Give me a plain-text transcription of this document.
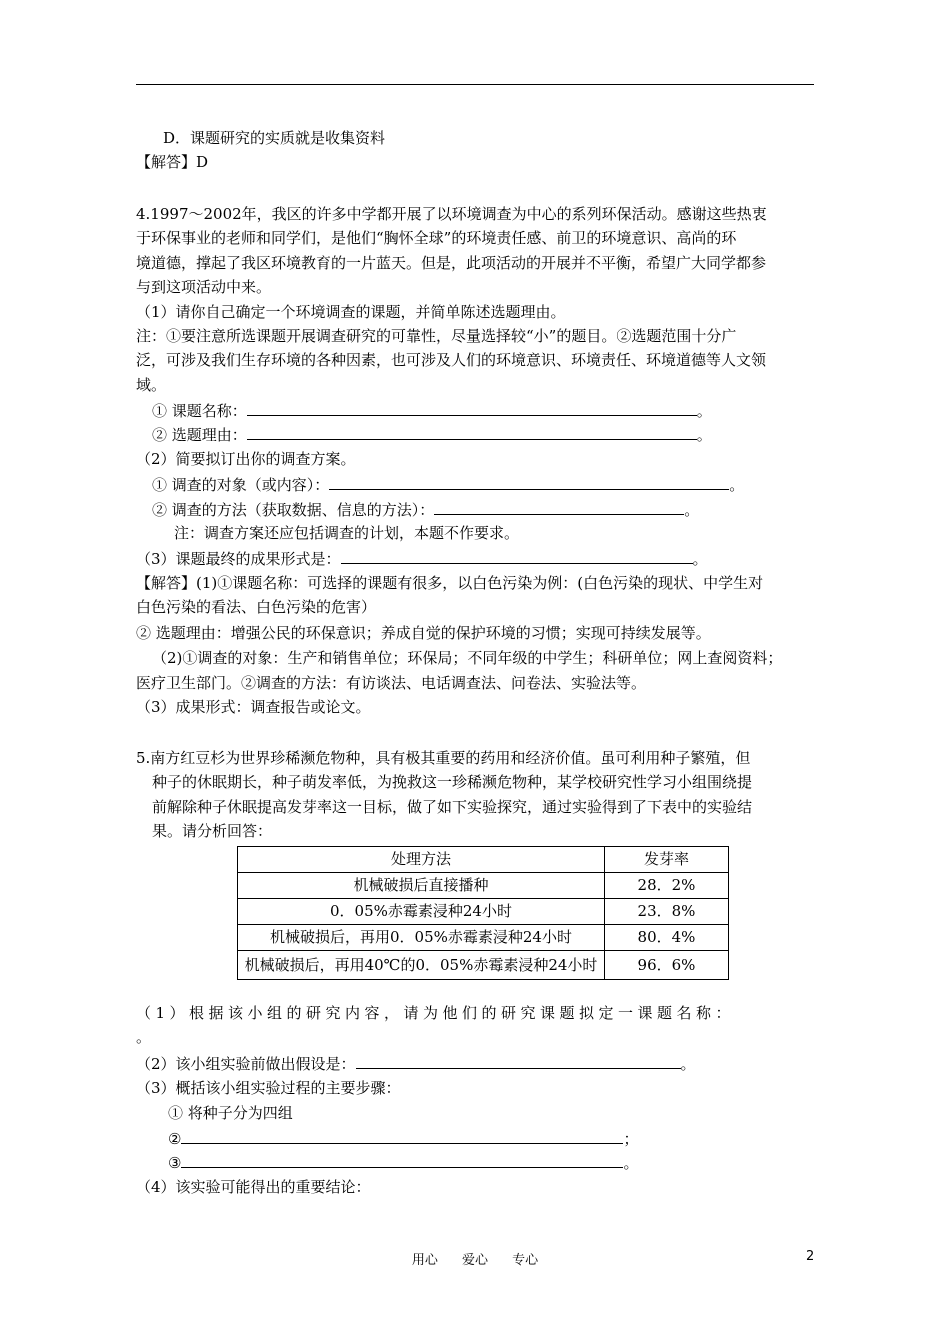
D．课题研究的实质就是收集资料
【解答】D
4.1997～2002年，我区的许多中学都开展了以环境调查为中心的系列环保活动。感谢这些热衷
于环保事业的老师和同学们，是他们“胸怀全球”的环境责任感、前卫的环境意识、高尚的环
境道德，撑起了我区环境教育的一片蓝天。但是，此项活动的开展并不平衡，希望广大同学都参
与到这项活动中来。
（1）请你自己确定一个环境调查的课题，并简单陈述选题理由。
注：①要注意所选课题开展调查研究的可靠性，尽量选择较“小”的题目。②选题范围十分广
泛，可涉及我们生存环境的各种因素，也可涉及人们的环境意识、环境责任、环境道德等人文领
域。
① 课题名称：	。
② 选题理由：	。
（2）简要拟订出你的调查方案。
① 调查的对象（或内容）：	。
② 调查的方法（获取数据、信息的方法）：	。
注：调查方案还应包括调查的计划，本题不作要求。
（3）课题最终的成果形式是：	。
【解答】(1)①课题名称：可选择的课题有很多，以白色污染为例：(白色污染的现状、中学生对
白色污染的看法、白色污染的危害）
② 选题理由：增强公民的环保意识；养成自觉的保护环境的习惯；实现可持续发展等。
（2)①调查的对象：生产和销售单位；环保局；不同年级的中学生；科研单位；网上查阅资料；
医疗卫生部门。②调查的方法：有访谈法、电话调查法、问卷法、实验法等。
（3）成果形式：调查报告或论文。
5.南方红豆杉为世界珍稀濒危物种，具有极其重要的药用和经济价值。虽可利用种子繁殖，但
种子的休眠期长，种子萌发率低，为挽救这一珍稀濒危物种，某学校研究性学习小组围绕提
前解除种子休眠提高发芽率这一目标，做了如下实验探究，通过实验得到了下表中的实验结
果。请分析回答：
处理方法	发芽率
机械破损后直接播种	28．2%
0．05%赤霉素浸种24小时	23．8%
机械破损后，再用0．05%赤霉素浸种24小时	80．4%
机械破损后，再用40℃的0．05%赤霉素浸种24小时	96．6%
（1）根据该小组的研究内容，请为他们的研究课题拟定一课题名称：
。
（2）该小组实验前做出假设是：	。
（3）概括该小组实验过程的主要步骤：
① 将种子分为四组
②	；
③	。
（4）该实验可能得出的重要结论：
用心 爱心 专心	2
